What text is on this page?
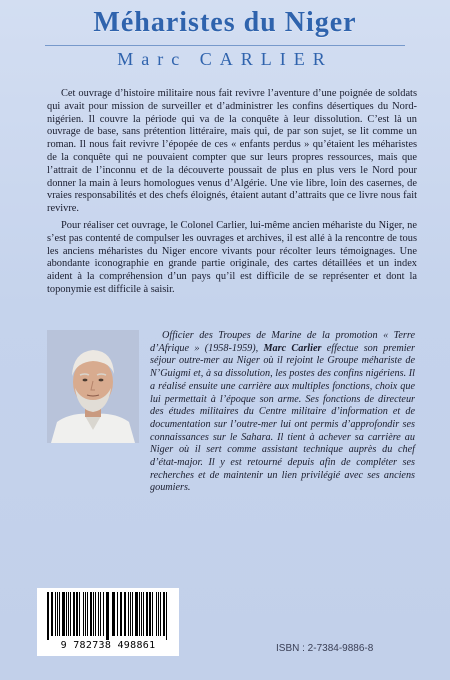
Méharistes du Niger
Marc CARLIER

Cet ouvrage d’histoire militaire nous fait revivre l’aventure d’une poignée de soldats qui avait pour mission de surveiller et d’administrer les confins désertiques du Nord-nigérien. Il couvre la période qui va de la conquête à leur dissolution. C’est là un ouvrage de base, sans prétention littéraire, mais qui, de par son sujet, se lit comme un roman. Il nous fait revivre l’épopée de ces « enfants perdus » qu’étaient les méharistes de la conquête qui ne pouvaient compter que sur leurs propres ressources, mais que l’attrait de l’inconnu et de la découverte poussait de plus en plus vers le Nord pour donner la main à leurs homologues venus d’Algérie. Une vie libre, loin des casernes, de vraies responsabilités et des chefs éloignés, étaient autant d’attraits que ce livre nous fait revivre.

Pour réaliser cet ouvrage, le Colonel Carlier, lui-même ancien méhariste du Niger, ne s’est pas contenté de compulser les ouvrages et archives, il est allé à la rencontre de tous les anciens méharistes du Niger encore vivants pour récolter leurs témoignages. Une abondante iconographie en grande partie originale, des cartes détaillées et un index aident à la compréhension d’un pays qu’il est difficile de se représenter et dont la toponymie est difficile à saisir.

Officier des Troupes de Marine de la promotion « Terre d’Afrique » (1958-1959), Marc Carlier effectue son premier séjour outre-mer au Niger où il rejoint le Groupe méhariste de N’Guigmi et, à sa dissolution, les postes des confins nigériens. Il a réalisé ensuite une carrière aux multiples fonctions, choix que lui permettait à l’époque son arme. Ses fonctions de directeur des études militaires du Centre militaire d’information et de documentation sur l’outre-mer lui ont permis d’approfondir ses connaissances sur le Sahara. Il tient à achever sa carrière au Niger où il sert comme assistant technique auprès du chef d’état-major. Il y est retourné depuis afin de compléter ses recherches et de maintenir un lien privilégié avec ses anciens goumiers.

9 782738 498861	ISBN : 2-7384-9886-8
